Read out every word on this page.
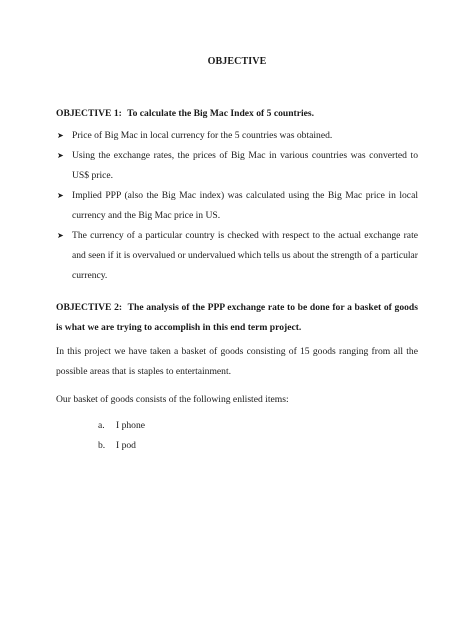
OBJECTIVE

OBJECTIVE 1: To calculate the Big Mac Index of 5 countries.

➤ Price of Big Mac in local currency for the 5 countries was obtained.
➤ Using the exchange rates, the prices of Big Mac in various countries was converted to US$ price.
➤ Implied PPP (also the Big Mac index) was calculated using the Big Mac price in local currency and the Big Mac price in US.
➤ The currency of a particular country is checked with respect to the actual exchange rate and seen if it is overvalued or undervalued which tells us about the strength of a particular currency.

OBJECTIVE 2: The analysis of the PPP exchange rate to be done for a basket of goods is what we are trying to accomplish in this end term project.

In this project we have taken a basket of goods consisting of 15 goods ranging from all the possible areas that is staples to entertainment.

Our basket of goods consists of the following enlisted items:

a. I phone
b. I pod
